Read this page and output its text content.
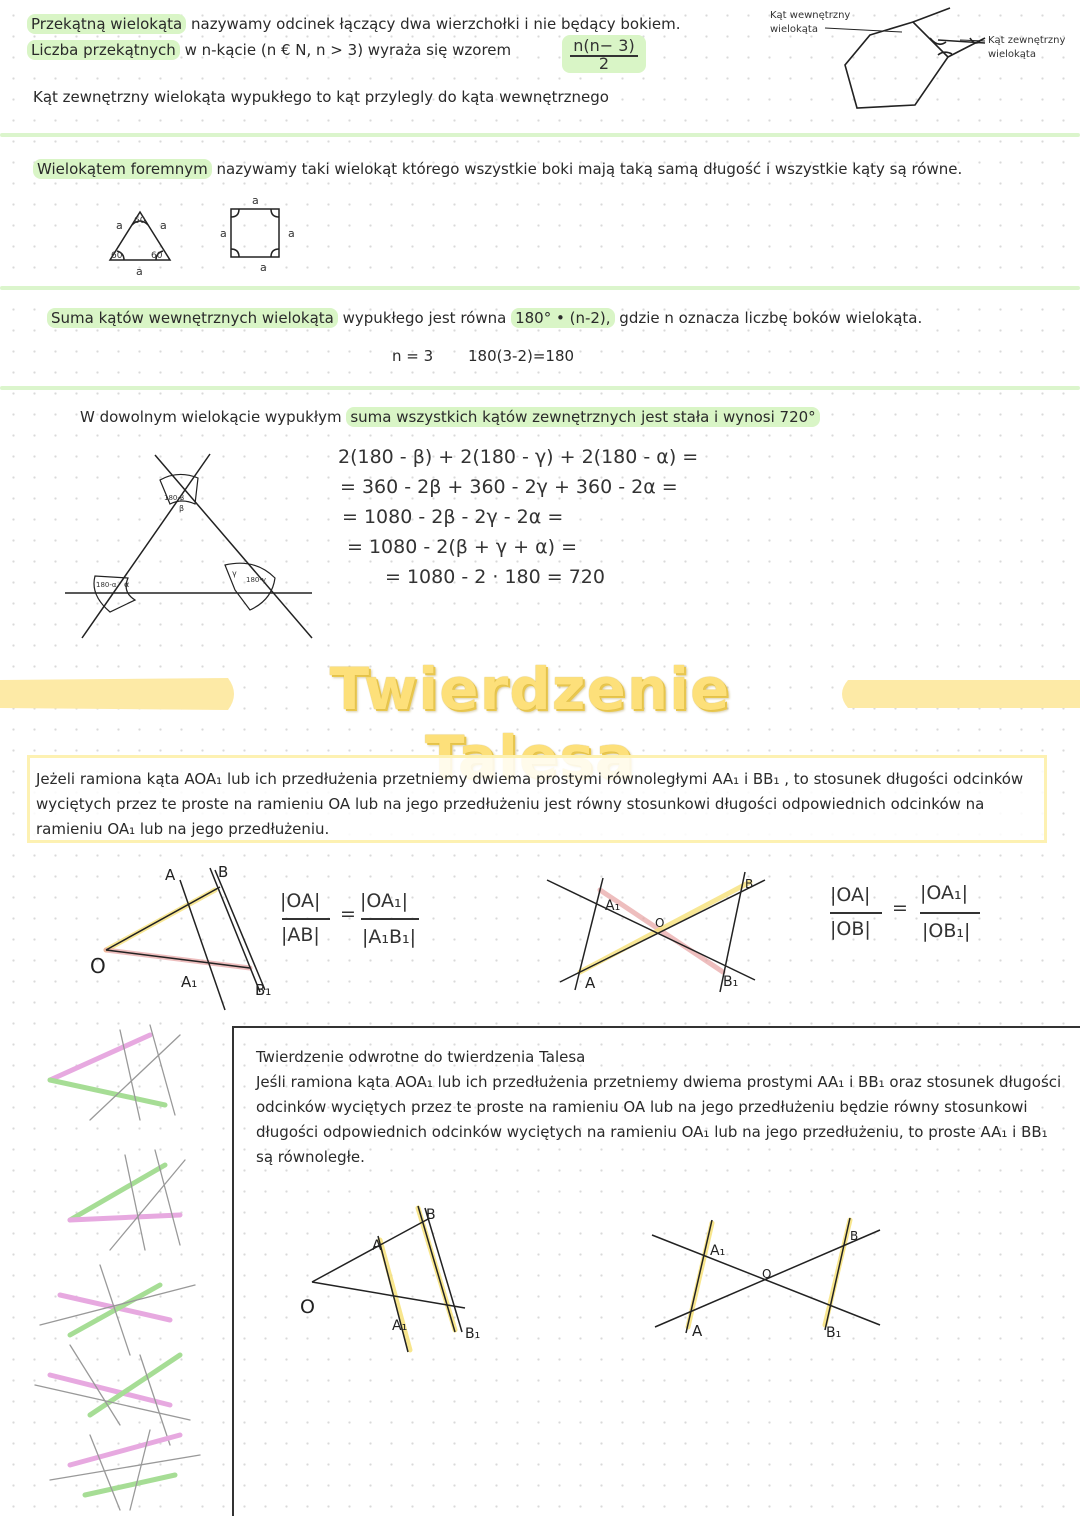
Przekątną wielokąta nazywamy odcinek łączący dwa wierzchołki i nie będący bokiem.
Liczba przekątnych w n-kącie (n € N, n > 3) wyraża się wzorem	n(n− 3)
2
Kąt zewnętrzny wielokąta wypukłego to kąt przylegly do kąta wewnętrznego
Kąt wewnętrzny wielokąta
Kąt zewnętrzny wielokąta
Wielokątem foremnym nazywamy taki wielokąt którego wszystkie boki mają taką samą długość i wszystkie kąty są równe.
60
60	60
a	a
a
a
a	a
a
Suma kątów wewnętrznych wielokąta wypukłego jest równa 180° • (n-2), gdzie n oznacza liczbę boków wielokąta.
n = 3 180(3-2)=180
W dowolnym wielokącie wypukłym suma wszystkich kątów zewnętrznych jest stała i wynosi 720°
180-β
β
180-α α	180-γ
γ
2(180 - β) + 2(180 - γ) + 2(180 - α) =
= 360 - 2β + 360 - 2γ + 360 - 2α =
= 1080 - 2β - 2γ - 2α =
= 1080 - 2(β + γ + α) =
= 1080 - 2 · 180 = 720
Twierdzenie
Jeżeli ramiona kąta AOA₁ lub ich przedłużenia przetniemy dwiema prostymi równoległymi AA₁ i BB₁ , to stosunek długości odcinków wyciętych przez te proste na ramieniu OA lub na jego przedłużeniu jest równy stosunkowi długości odpowiednich odcinków na ramieniu OA₁ lub na jego przedłużeniu.
O
A	B
A₁	B₁
|OA|
|AB|
=
|OA₁|
|A₁B₁|
A₁
O
A
B
B₁
|OA|
|OB|
=
|OA₁|
|OB₁|
Twierdzenie odwrotne do twierdzenia Talesa
Jeśli ramiona kąta AOA₁ lub ich przedłużenia przetniemy dwiema prostymi AA₁ i BB₁ oraz stosunek długości odcinków wyciętych przez te proste na ramieniu OA lub na jego przedłużeniu będzie równy stosunkowi długości odpowiednich odcinków wyciętych na ramieniu OA₁ lub na jego przedłużeniu, to proste AA₁ i BB₁ są równoległe.
O
A
B
A₁	B₁
A₁
O
A
B
B₁
